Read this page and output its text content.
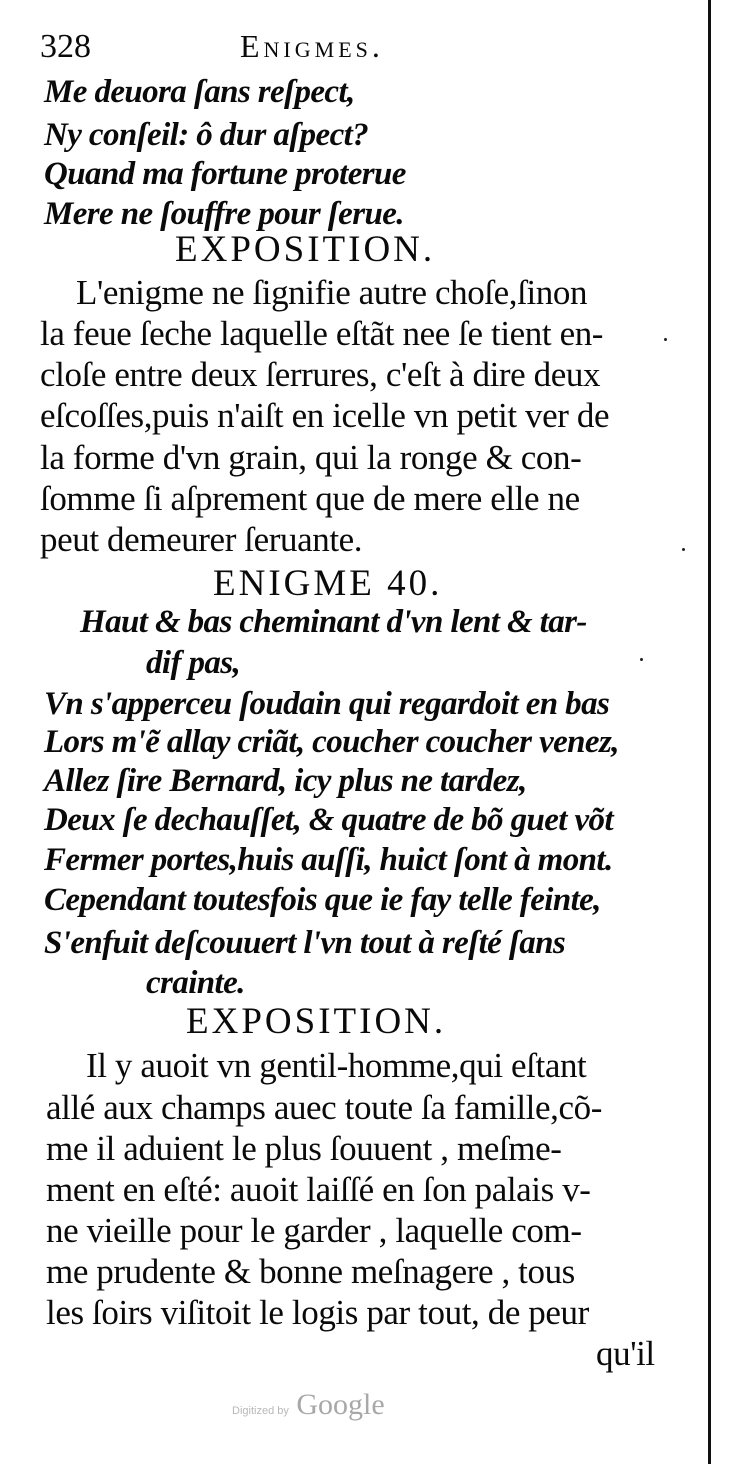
328	Enigmes.
Me deuora ſans reſpect,
Ny conſeil: ô dur aſpect?
Quand ma fortune proterue
Mere ne ſouffre pour ſerue.
EXPOSITION.
L'enigme ne ſignifie autre choſe,ſinon
la feue ſeche laquelle eſtãt nee ſe tient en-
cloſe entre deux ſerrures, c'eſt à dire deux
eſcoſſes,puis n'aiſt en icelle vn petit ver de
la forme d'vn grain, qui la ronge & con-
ſomme ſi aſprement que de mere elle ne
peut demeurer ſeruante.
ENIGME 40.
Haut & bas cheminant d'vn lent & tar-
dif pas,
Vn s'apperceu ſoudain qui regardoit en bas
Lors m'ẽ allay criãt, coucher coucher venez,
Allez ſire Bernard, icy plus ne tardez,
Deux ſe dechauſſet, & quatre de bõ guet võt
Fermer portes,huis auſſi, huict ſont à mont.
Cependant toutesfois que ie fay telle feinte,
S'enfuit deſcouuert l'vn tout à reſté ſans
crainte.
EXPOSITION.
Il y auoit vn gentil-homme,qui eſtant
allé aux champs auec toute ſa famille,cõ-
me il aduient le plus ſouuent , meſme-
ment en eſté: auoit laiſſé en ſon palais v-
ne vieille pour le garder , laquelle com-
me prudente & bonne meſnagere , tous
les ſoirs viſitoit le logis par tout, de peur
qu'il
Digitized by Google
